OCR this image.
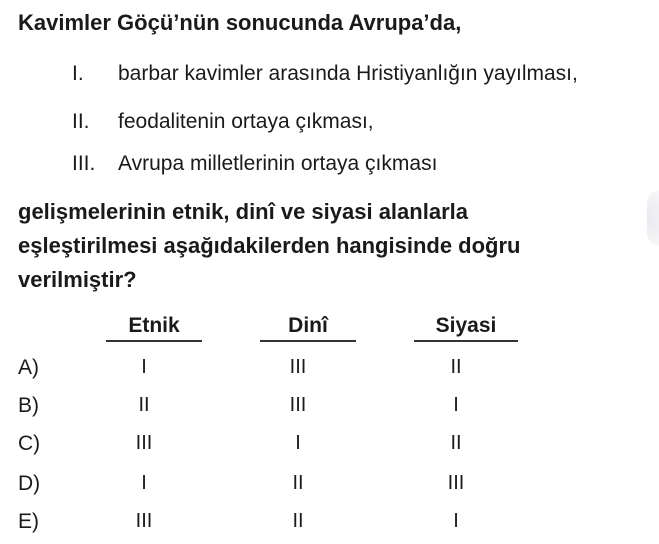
Kavimler Göçü’nün sonucunda Avrupa’da,
I. barbar kavimler arasında Hristiyanlığın yayılması,
II. feodalitenin ortaya çıkması,
III. Avrupa milletlerinin ortaya çıkması
gelişmelerinin etnik, dinî ve siyasi alanlarla
eşleştirilmesi aşağıdakilerden hangisinde doğru
verilmiştir?
Etnik	Dinî	Siyasi
A)	I	III	II
B)	II	III	I
C)	III	I	II
D)	I	II	III
E)	III	II	I
